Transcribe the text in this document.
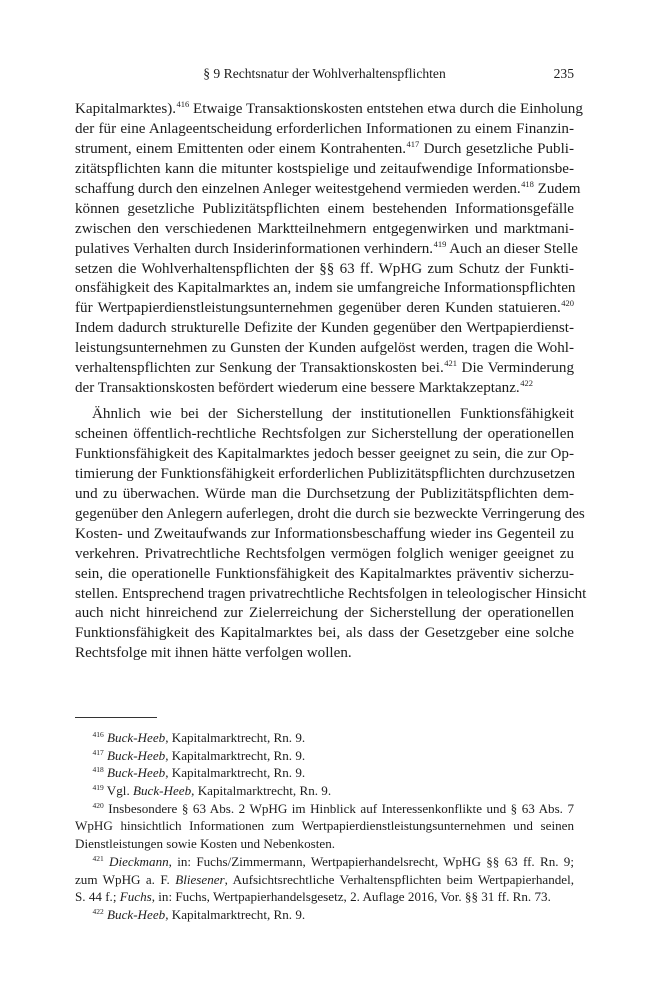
§ 9 Rechtsnatur der Wohlverhaltenspflichten	235
Kapitalmarktes).$^{416}$ Etwaige Transaktionskosten entstehen etwa durch die Einholung
der für eine Anlageentscheidung erforderlichen Informationen zu einem Finanzin-
strument, einem Emittenten oder einem Kontrahenten.$^{417}$ Durch gesetzliche Publi-
zitätspflichten kann die mitunter kostspielige und zeitaufwendige Informationsbe-
schaffung durch den einzelnen Anleger weitestgehend vermieden werden.$^{418}$ Zudem
können gesetzliche Publizitätspflichten einem bestehenden Informationsgefälle
zwischen den verschiedenen Marktteilnehmern entgegenwirken und marktmani-
pulatives Verhalten durch Insiderinformationen verhindern.$^{419}$ Auch an dieser Stelle
setzen die Wohlverhaltenspflichten der §§ 63 ff. WpHG zum Schutz der Funkti-
onsfähigkeit des Kapitalmarktes an, indem sie umfangreiche Informationspflichten
für Wertpapierdienstleistungsunternehmen gegenüber deren Kunden statuieren.$^{420}$
Indem dadurch strukturelle Defizite der Kunden gegenüber den Wertpapierdienst-
leistungsunternehmen zu Gunsten der Kunden aufgelöst werden, tragen die Wohl-
verhaltenspflichten zur Senkung der Transaktionskosten bei.$^{421}$ Die Verminderung
der Transaktionskosten befördert wiederum eine bessere Marktakzeptanz.$^{422}$
Ähnlich wie bei der Sicherstellung der institutionellen Funktionsfähigkeit
scheinen öffentlich-rechtliche Rechtsfolgen zur Sicherstellung der operationellen
Funktionsfähigkeit des Kapitalmarktes jedoch besser geeignet zu sein, die zur Op-
timierung der Funktionsfähigkeit erforderlichen Publizitätspflichten durchzusetzen
und zu überwachen. Würde man die Durchsetzung der Publizitätspflichten dem-
gegenüber den Anlegern auferlegen, droht die durch sie bezweckte Verringerung des
Kosten- und Zweitaufwands zur Informationsbeschaffung wieder ins Gegenteil zu
verkehren. Privatrechtliche Rechtsfolgen vermögen folglich weniger geeignet zu
sein, die operationelle Funktionsfähigkeit des Kapitalmarktes präventiv sicherzu-
stellen. Entsprechend tragen privatrechtliche Rechtsfolgen in teleologischer Hinsicht
auch nicht hinreichend zur Zielerreichung der Sicherstellung der operationellen
Funktionsfähigkeit des Kapitalmarktes bei, als dass der Gesetzgeber eine solche
Rechtsfolge mit ihnen hätte verfolgen wollen.
$^{416}$ Buck-Heeb, Kapitalmarktrecht, Rn. 9.
$^{417}$ Buck-Heeb, Kapitalmarktrecht, Rn. 9.
$^{418}$ Buck-Heeb, Kapitalmarktrecht, Rn. 9.
$^{419}$ Vgl. Buck-Heeb, Kapitalmarktrecht, Rn. 9.
$^{420}$ Insbesondere § 63 Abs. 2 WpHG im Hinblick auf Interessenkonflikte und § 63 Abs. 7
WpHG hinsichtlich Informationen zum Wertpapierdienstleistungsunternehmen und seinen
Dienstleistungen sowie Kosten und Nebenkosten.
$^{421}$ Dieckmann, in: Fuchs/Zimmermann, Wertpapierhandelsrecht, WpHG §§ 63 ff. Rn. 9;
zum WpHG a. F. Bliesener, Aufsichtsrechtliche Verhaltenspflichten beim Wertpapierhandel,
S. 44 f.; Fuchs, in: Fuchs, Wertpapierhandelsgesetz, 2. Auflage 2016, Vor. §§ 31 ff. Rn. 73.
$^{422}$ Buck-Heeb, Kapitalmarktrecht, Rn. 9.
